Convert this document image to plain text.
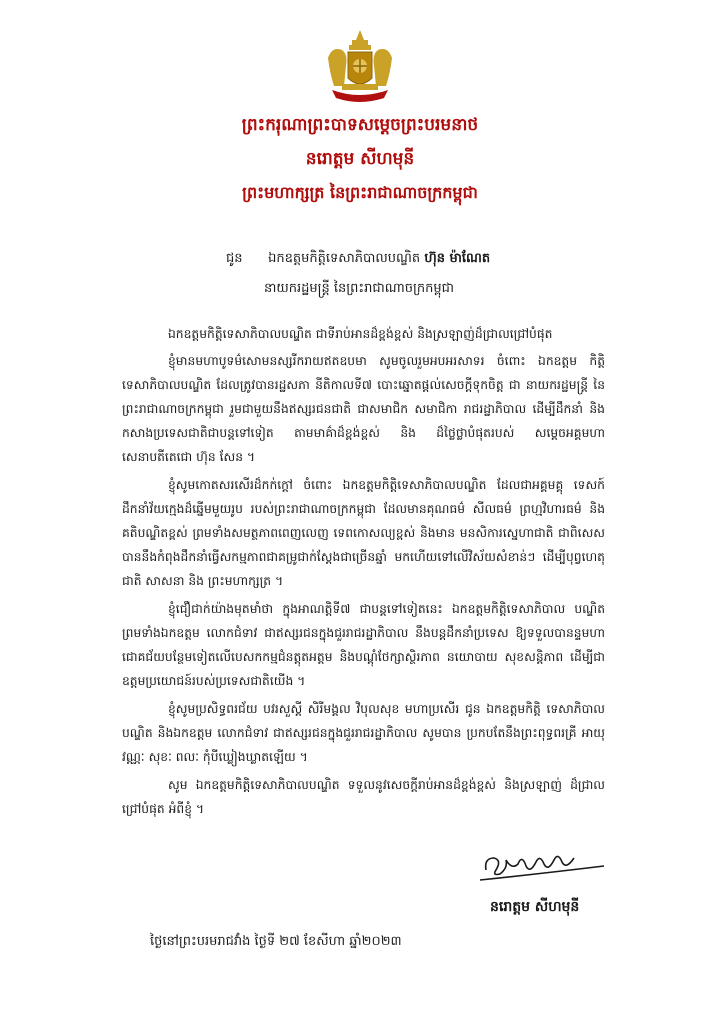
ព្រះករុណាព្រះបាទសម្តេចព្រះបរមនាថ
នរោត្តម សីហមុនី
ព្រះមហាក្សត្រ នៃព្រះរាជាណាចក្រកម្ពុជា
ជូន ឯកឧត្តមកិត្តិទេសាភិបាលបណ្ឌិត ហ៊ុន ម៉ាណែត
នាយករដ្ឋមន្ត្រី នៃព្រះរាជាណាចក្រកម្ពុជា

ឯកឧត្តមកិត្តិទេសាភិបាលបណ្ឌិត ជាទីរាប់អានដ៏ខ្ពង់ខ្ពស់ និងស្រឡាញ់ដ៏ជ្រាលជ្រៅបំផុត

ខ្ញុំមានមហាបូទម៌សោមនស្សរីករាយឥតឧបមា សូមចូលរួមអបអរសាទរ ចំពោះ ឯកឧត្តម កិត្តិទេសាភិបាលបណ្ឌិត ដែលត្រូវបានរដ្ឋសភា នីតិកាលទី៧ បោះឆ្នោតផ្តល់សេចក្តីទុកចិត្ត ជា នាយករដ្ឋមន្ត្រី នៃព្រះរាជាណាចក្រកម្ពុជា រួមជាមួយនឹងឥស្សរជនជាតិ ជាសមាជិក សមាជិកា រាជរដ្ឋាភិបាល ដើម្បីដឹកនាំ និងកសាងប្រទេសជាតិជាបន្តទៅទៀត តាមមាគ៌ាដ៏ខ្ពង់ខ្ពស់ និង ដ៏ថ្លៃថ្លាបំផុតរបស់ សម្តេចអគ្គមហាសេនាបតីតេជោ ហ៊ុន សែន ។

ខ្ញុំសូមកោតសរសើរដ៏កក់ក្តៅ ចំពោះ ឯកឧត្តមកិត្តិទេសាភិបាលបណ្ឌិត ដែលជាអគ្គមគ្គុ ទេសក៍ដឹកនាំវ័យក្មេងដ៏ឆ្នើមមួយរូប របស់ព្រះរាជាណាចក្រកម្ពុជា ដែលមានគុណធម៌ សីលធម៌ ព្រហ្មវិហារធម៌ និងគតិបណ្ឌិតខ្ពស់ ព្រមទាំងសមត្ថភាពពេញលេញ ទេពកោសល្យខ្ពស់ និងមាន មនសិការស្នេហាជាតិ ជាពិសេសបាននឹងកំពុងដឹកនាំធ្វើសកម្មភាពជាគម្រូជាក់ស្តែងជាច្រើនឆ្នាំ មកហើយទៅលើវិស័យសំខាន់ៗ ដើម្បីបុព្វហេតុ ជាតិ សាសនា និង ព្រះមហាក្សត្រ ។

ខ្ញុំជឿជាក់យ៉ាងមុតមាំថា ក្នុងអាណត្តិទី៧ ជាបន្តទៅទៀតនេះ ឯកឧត្តមកិត្តិទេសាភិបាល បណ្ឌិត ព្រមទាំងឯកឧត្តម លោកជំទាវ ជាឥស្សរជនក្នុងជួររាជរដ្ឋាភិបាល នឹងបន្តដឹកនាំប្រទេស ឱ្យទទួលបានន្ទមហាជោគជ័យបន្ថែមទៀតលើបេសកកម្មជំនត្តុតអត្តម និងបណ្តុំថែក្សាស្ថិរភាព នយោបាយ សុខសន្តិភាព ដើម្បីជាឧត្តមប្រយោជន៍របស់ប្រទេសជាតិយើង ។

ខ្ញុំសូមប្រសិទ្ធពរជ័យ បវរសួស្តី សិរីមង្គល វិបុលសុខ មហាប្រសើរ ជូន ឯកឧត្តមកិត្តិ ទេសាភិបាលបណ្ឌិត និងឯកឧត្តម លោកជំទាវ ជាឥស្សរជនក្នុងជួររាជរដ្ឋាភិបាល សូមបាន ប្រកបតែនឹងព្រះពុទ្ធពរគ្រី អាយុ វណ្ណៈ សុខៈ ពលៈ កុំបីឃ្លៀងឃ្លាតឡើយ ។

សូម ឯកឧត្តមកិត្តិទេសាភិបាលបណ្ឌិត ទទួលនូវសេចក្តីរាប់អានដ៏ខ្ពង់ខ្ពស់ និងស្រឡាញ់ ដ៏ជ្រាលជ្រៅបំផុត អំពីខ្ញុំ ។

នរោត្តម សីហមុនី
ថ្ងៃនៅព្រះបរមរាជវាំង ថ្ងៃទី ២៧ ខែសីហា ឆ្នាំ២០២៣
